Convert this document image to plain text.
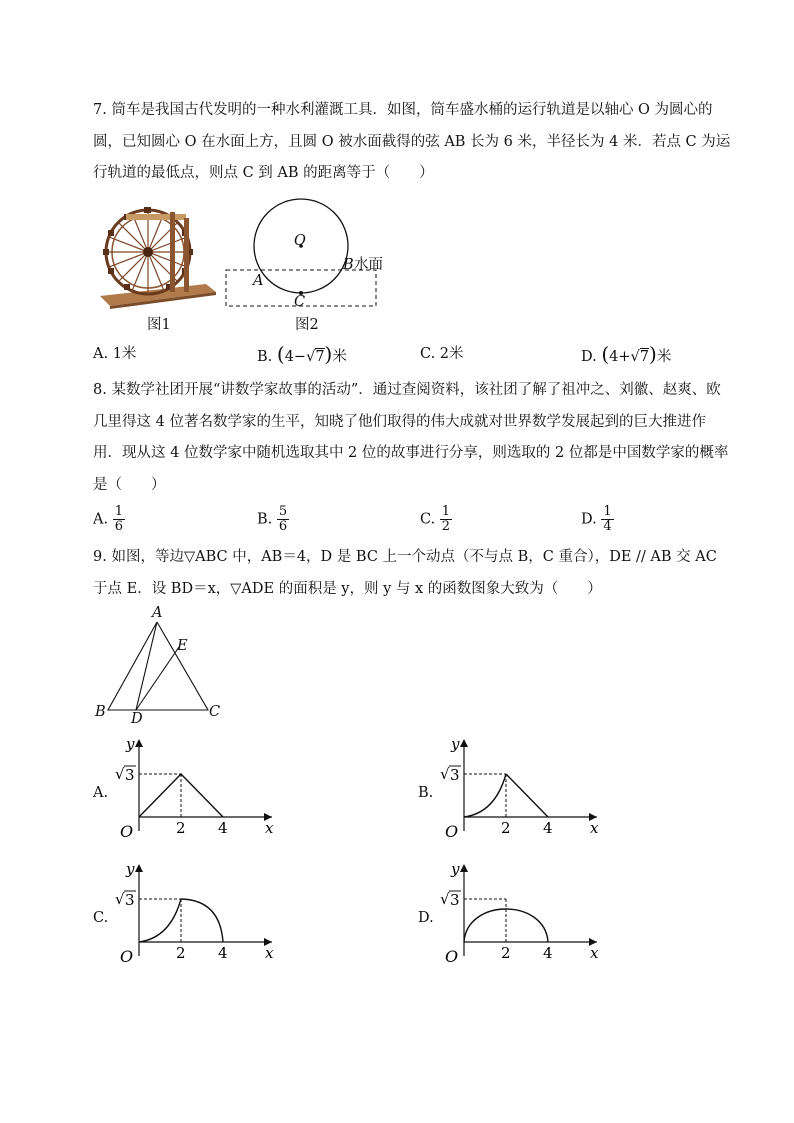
7. 筒车是我国古代发明的一种水利灌溉工具．如图，筒车盛水桶的运行轨道是以轴心 O 为圆心的
圆，已知圆心 O 在水面上方，且圆 O 被水面截得的弦 AB 长为 6 米，半径长为 4 米．若点 C 为运
行轨道的最低点，则点 C 到 AB 的距离等于（　　）
图1
O
A
B 水面
C
图2
A. 1米	B. (4−√7)米	C. 2米	D. (4+√7)米
8. 某数学社团开展“讲数学家故事的活动”．通过查阅资料，该社团了解了祖冲之、刘徽、赵爽、欧
几里得这 4 位著名数学家的生平，知晓了他们取得的伟大成就对世界数学发展起到的巨大推进作
用．现从这 4 位数学家中随机选取其中 2 位的故事进行分享，则选取的 2 位都是中国数学家的概率
是（　　）
A. $\frac{1}{6}$	B. $\frac{5}{6}$	C. $\frac{1}{2}$	D. $\frac{1}{4}$
9. 如图，等边▽ABC 中，AB＝4，D 是 BC 上一个动点（不与点 B，C 重合），DE // AB 交 AC
于点 E．设 BD＝x，▽ADE 的面积是 y，则 y 与 x 的函数图象大致为（　　）
A
E
B D	C
A.
y
x
O
√ 3
2 4
B.
y
x
O
√ 3
2 4
C.
y
x
O
√ 3
2 4
D.
y
x
O
√ 3
2 4
